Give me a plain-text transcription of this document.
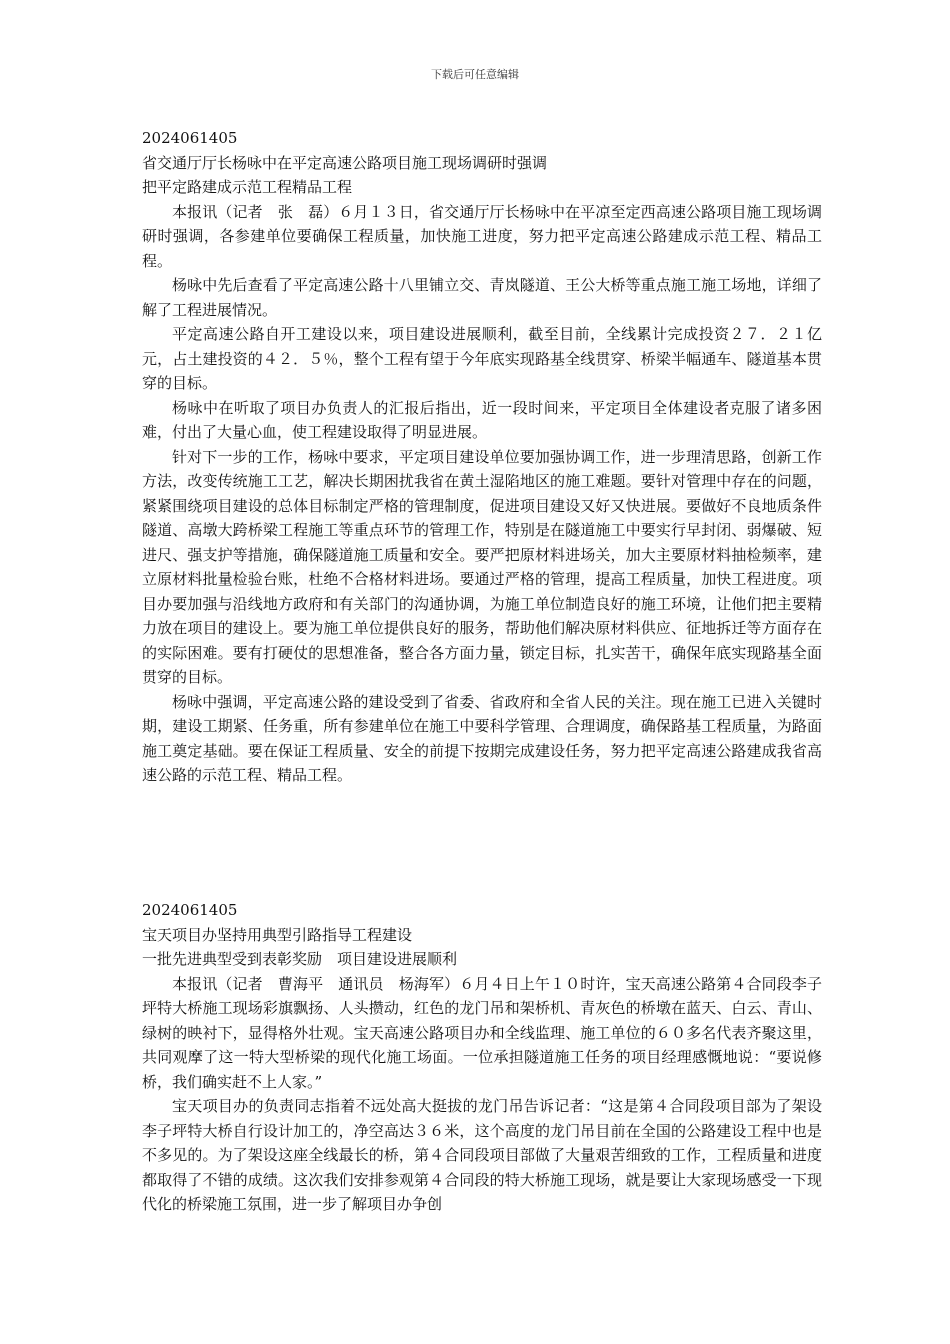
下载后可任意编辑

2024061405

省交通厅厅长杨咏中在平定高速公路项目施工现场调研时强调

把平定路建成示范工程精品工程

本报讯（记者　张　磊）６月１３日，省交通厅厅长杨咏中在平凉至定西高速公路项目施工现场调研时强调，各参建单位要确保工程质量，加快施工进度，努力把平定高速公路建成示范工程、精品工程。

杨咏中先后查看了平定高速公路十八里铺立交、青岚隧道、王公大桥等重点施工施工场地，详细了解了工程进展情况。

平定高速公路自开工建设以来，项目建设进展顺利，截至目前，全线累计完成投资２７．２１亿元，占土建投资的４２．５％，整个工程有望于今年底实现路基全线贯穿、桥梁半幅通车、隧道基本贯穿的目标。

杨咏中在听取了项目办负责人的汇报后指出，近一段时间来，平定项目全体建设者克服了诸多困难，付出了大量心血，使工程建设取得了明显进展。

针对下一步的工作，杨咏中要求，平定项目建设单位要加强协调工作，进一步理清思路，创新工作方法，改变传统施工工艺，解决长期困扰我省在黄土湿陷地区的施工难题。要针对管理中存在的问题，紧紧围绕项目建设的总体目标制定严格的管理制度，促进项目建设又好又快进展。要做好不良地质条件隧道、高墩大跨桥梁工程施工等重点环节的管理工作，特别是在隧道施工中要实行早封闭、弱爆破、短进尺、强支护等措施，确保隧道施工质量和安全。要严把原材料进场关，加大主要原材料抽检频率，建立原材料批量检验台账，杜绝不合格材料进场。要通过严格的管理，提高工程质量，加快工程进度。项目办要加强与沿线地方政府和有关部门的沟通协调，为施工单位制造良好的施工环境，让他们把主要精力放在项目的建设上。要为施工单位提供良好的服务，帮助他们解决原材料供应、征地拆迁等方面存在的实际困难。要有打硬仗的思想准备，整合各方面力量，锁定目标，扎实苦干，确保年底实现路基全面贯穿的目标。

杨咏中强调，平定高速公路的建设受到了省委、省政府和全省人民的关注。现在施工已进入关键时期，建设工期紧、任务重，所有参建单位在施工中要科学管理、合理调度，确保路基工程质量，为路面施工奠定基础。要在保证工程质量、安全的前提下按期完成建设任务，努力把平定高速公路建成我省高速公路的示范工程、精品工程。

2024061405

宝天项目办坚持用典型引路指导工程建设

一批先进典型受到表彰奖励　项目建设进展顺利

本报讯（记者　曹海平　通讯员　杨海军）６月４日上午１０时许，宝天高速公路第４合同段李子坪特大桥施工现场彩旗飘扬、人头攒动，红色的龙门吊和架桥机、青灰色的桥墩在蓝天、白云、青山、绿树的映衬下，显得格外壮观。宝天高速公路项目办和全线监理、施工单位的６０多名代表齐聚这里，共同观摩了这一特大型桥梁的现代化施工场面。一位承担隧道施工任务的项目经理感慨地说：“要说修桥，我们确实赶不上人家。”

宝天项目办的负责同志指着不远处高大挺拔的龙门吊告诉记者：“这是第４合同段项目部为了架设李子坪特大桥自行设计加工的，净空高达３６米，这个高度的龙门吊目前在全国的公路建设工程中也是不多见的。为了架设这座全线最长的桥，第４合同段项目部做了大量艰苦细致的工作，工程质量和进度都取得了不错的成绩。这次我们安排参观第４合同段的特大桥施工现场，就是要让大家现场感受一下现代化的桥梁施工氛围，进一步了解项目办争创
